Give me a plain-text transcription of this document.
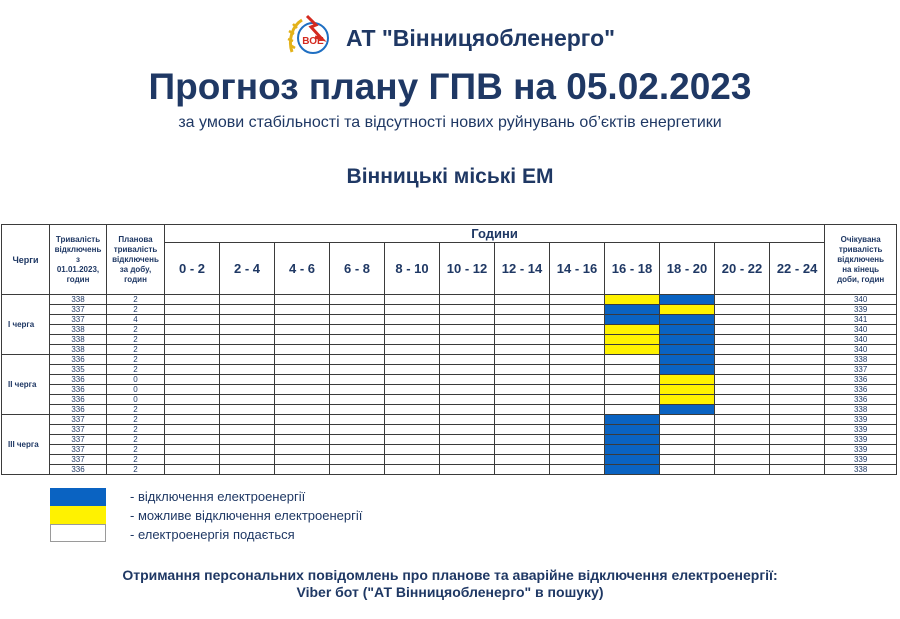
ВОЕ АТ "Вінницяобленерго"
Прогноз плану ГПВ на 05.02.2023
за умови стабільності та відсутності нових руйнувань об’єктів енергетики
Вінницькі міські ЕМ
Черги	Тривалість
відключень
з
01.01.2023,
годин	Планова
тривалість
відключень
за добу,
годин	Години												Очікувана
тривалість
відключень
на кінець
доби, годин
			0 - 2	2 - 4	4 - 6	6 - 8	8 - 10	10 - 12	12 - 14	14 - 16	16 - 18	18 - 20	20 - 22	22 - 24	
I черга	338	2													340
	337	2													339
	337	4													341
	338	2													340
	338	2													340
	338	2													340
II черга	336	2													338
	335	2													337
	336	0													336
	336	0													336
	336	0													336
	336	2													338
III черга	337	2													339
	337	2													339
	337	2													339
	337	2													339
	337	2													339
	336	2													338
- відключення електроенергії
- можливе відключення електроенергії
- електроенергія подається
Отримання персональних повідомлень про планове та аварійне відключення електроенергії:
Viber бот ("АТ Вінницяобленерго" в пошуку)
